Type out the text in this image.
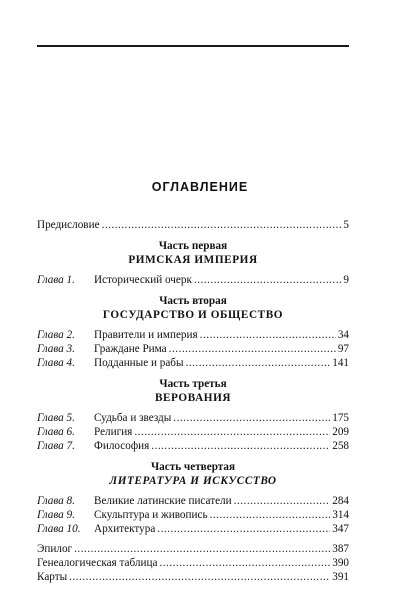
ОГЛАВЛЕНИЕ
Предисловие .....	5
Часть первая
РИМСКАЯ ИМПЕРИЯ
Глава 1.	Исторический очерк .....	9
Часть вторая
ГОСУДАРСТВО И ОБЩЕСТВО
Глава 2.	Правители и империя .....	34
Глава 3.	Граждане Рима .....	97
Глава 4.	Подданные и рабы .....	141
Часть третья
ВЕРОВАНИЯ
Глава 5.	Судьба и звезды .....	175
Глава 6.	Религия .....	209
Глава 7.	Философия .....	258
Часть четвертая
ЛИТЕРАТУРА И ИСКУССТВО
Глава 8.	Великие латинские писатели .....	284
Глава 9.	Скульптура и живопись .....	314
Глава 10.	Архитектура .....	347
Эпилог .....	387
Генеалогическая таблица .....	390
Карты .....	391
